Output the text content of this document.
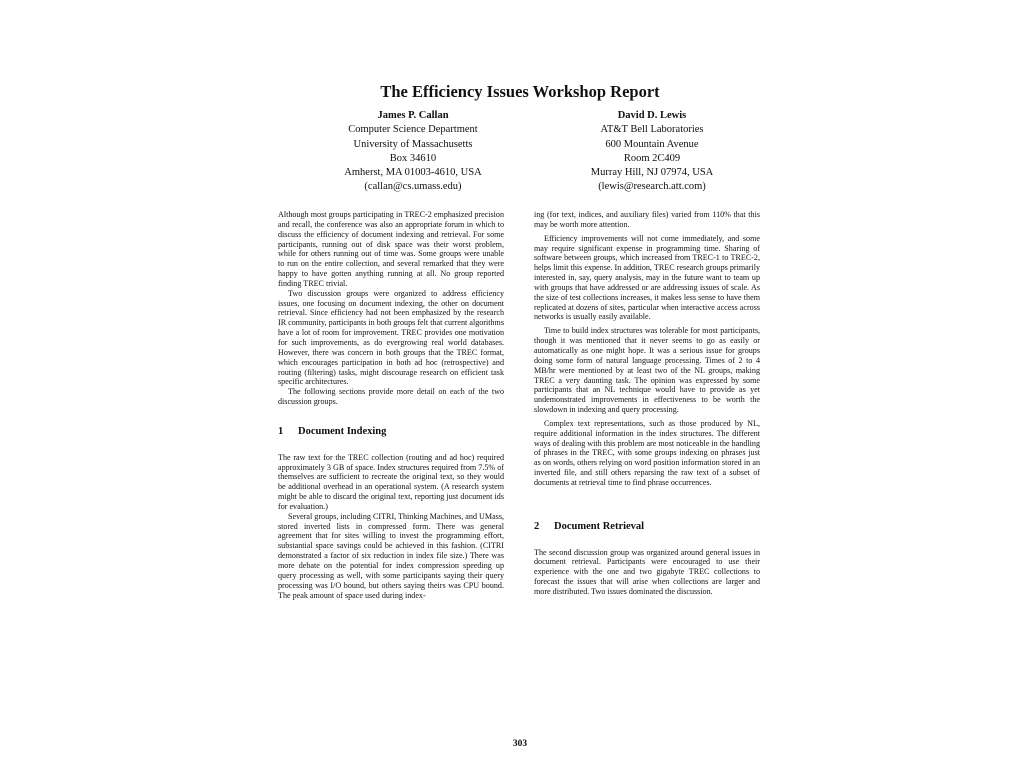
The Efficiency Issues Workshop Report
James P. Callan
Computer Science Department
University of Massachusetts
Box 34610
Amherst, MA 01003-4610, USA
(callan@cs.umass.edu)
David D. Lewis
AT&T Bell Laboratories
600 Mountain Avenue
Room 2C409
Murray Hill, NJ 07974, USA
(lewis@research.att.com)

Although most groups participating in TREC-2 emphasized precision and recall, the conference was also an appropriate forum in which to discuss the efficiency of document indexing and retrieval. For some participants, running out of disk space was their worst problem, while for others running out of time was. Some groups were unable to run on the entire collection, and several remarked that they were happy to have gotten anything running at all. No group reported finding TREC trivial.

Two discussion groups were organized to address efficiency issues, one focusing on document indexing, the other on document retrieval. Since efficiency had not been emphasized by the research IR community, participants in both groups felt that current algorithms have a lot of room for improvement. TREC provides one motivation for such improvements, as do evergrowing real world databases. However, there was concern in both groups that the TREC format, which encourages participation in both ad hoc (retrospective) and routing (filtering) tasks, might discourage research on efficient task specific architectures.

The following sections provide more detail on each of the two discussion groups.

1 Document Indexing

The raw text for the TREC collection (routing and ad hoc) required approximately 3 GB of space. Index structures required from 7.5% of themselves are sufficient to recreate the original text, so they would be additional overhead in an operational system. (A research system might be able to discard the original text, reporting just document ids for evaluation.)

Several groups, including CITRI, Thinking Machines, and UMass, stored inverted lists in compressed form. There was general agreement that for sites willing to invest the programming effort, substantial space savings could be achieved in this fashion. (CITRI demonstrated a factor of six reduction in index file size.) There was more debate on the potential for index compression speeding up query processing as well, with some participants saying their query processing was I/O bound, but others saying theirs was CPU bound. The peak amount of space used during index-

ing (for text, indices, and auxiliary files) varied from 110% that this may be worth more attention.

Efficiency improvements will not come immediately, and some may require significant expense in programming time. Sharing of software between groups, which increased from TREC-1 to TREC-2, helps limit this expense. In addition, TREC research groups primarily interested in, say, query analysis, may in the future want to team up with groups that have addressed or are addressing issues of scale. As the size of test collections increases, it makes less sense to have them replicated at dozens of sites, particular when interactive access across networks is usually easily available.

Time to build index structures was tolerable for most participants, though it was mentioned that it never seems to go as easily or automatically as one might hope. It was a serious issue for groups doing some form of natural language processing. Times of 2 to 4 MB/hr were mentioned by at least two of the NL groups, making TREC a very daunting task. The opinion was expressed by some participants that an NL technique would have to provide as yet undemonstrated improvements in effectiveness to be worth the slowdown in indexing and query processing.

Complex text representations, such as those produced by NL, require additional information in the index structures. The different ways of dealing with this problem are most noticeable in the handling of phrases in the TREC, with some groups indexing on phrases just as on words, others relying on word position information stored in an inverted file, and still others reparsing the raw text of a subset of documents at retrieval time to find phrase occurrences.

2 Document Retrieval

The second discussion group was organized around general issues in document retrieval. Participants were encouraged to use their experience with the one and two gigabyte TREC collections to forecast the issues that will arise when collections are larger and more distributed. Two issues dominated the discussion.

303
